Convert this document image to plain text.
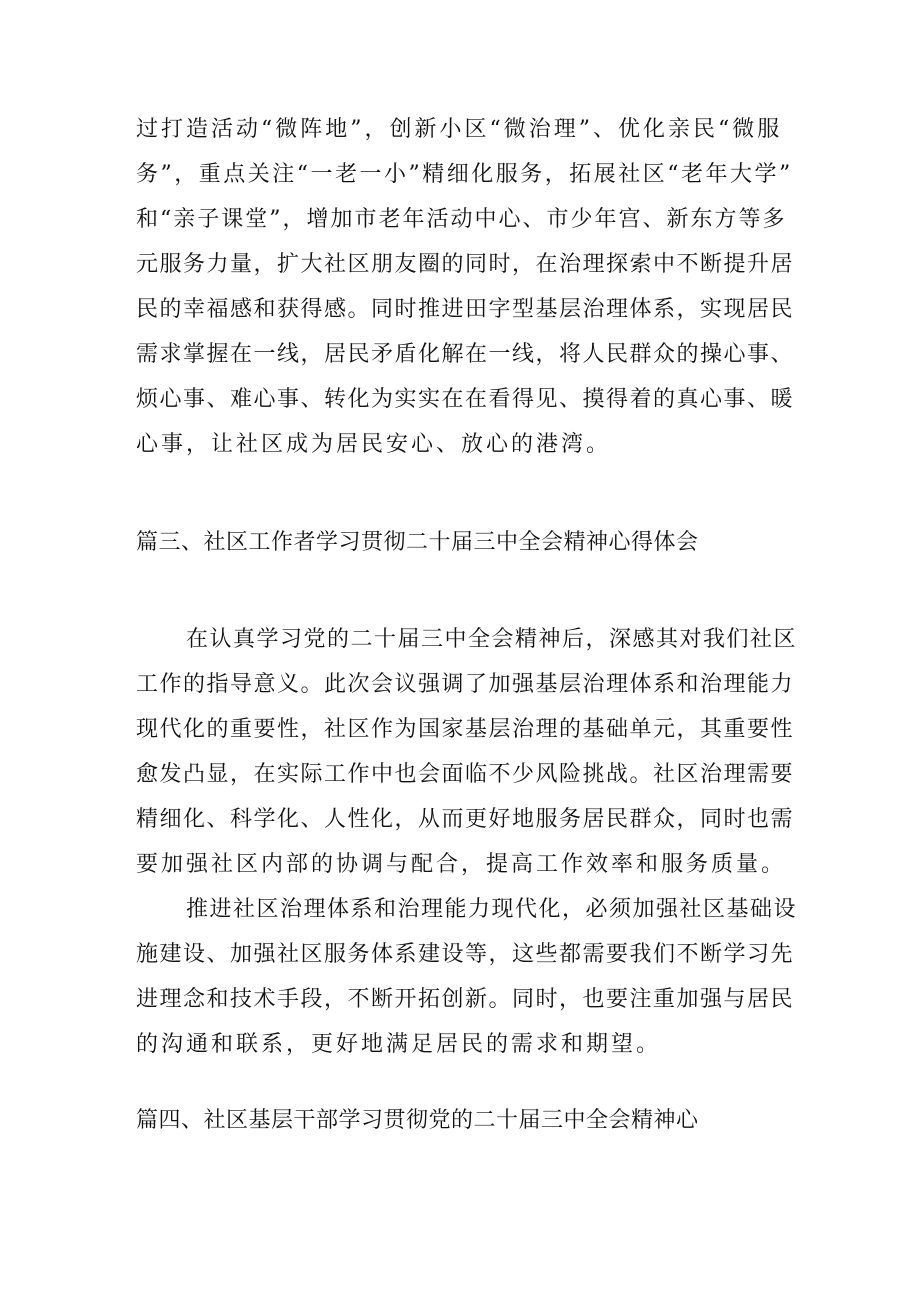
过打造活动“微阵地”，创新小区“微治理”、优化亲民“微服
务”，重点关注“一老一小”精细化服务，拓展社区“老年大学”
和“亲子课堂”，增加市老年活动中心、市少年宫、新东方等多
元服务力量，扩大社区朋友圈的同时，在治理探索中不断提升居
民的幸福感和获得感。同时推进田字型基层治理体系，实现居民
需求掌握在一线，居民矛盾化解在一线，将人民群众的操心事、
烦心事、难心事、转化为实实在在看得见、摸得着的真心事、暖
心事，让社区成为居民安心、放心的港湾。
篇三、社区工作者学习贯彻二十届三中全会精神心得体会
在认真学习党的二十届三中全会精神后，深感其对我们社区
工作的指导意义。此次会议强调了加强基层治理体系和治理能力
现代化的重要性，社区作为国家基层治理的基础单元，其重要性
愈发凸显，在实际工作中也会面临不少风险挑战。社区治理需要
精细化、科学化、人性化，从而更好地服务居民群众，同时也需
要加强社区内部的协调与配合，提高工作效率和服务质量。
推进社区治理体系和治理能力现代化，必须加强社区基础设
施建设、加强社区服务体系建设等，这些都需要我们不断学习先
进理念和技术手段，不断开拓创新。同时，也要注重加强与居民
的沟通和联系，更好地满足居民的需求和期望。
篇四、社区基层干部学习贯彻党的二十届三中全会精神心
